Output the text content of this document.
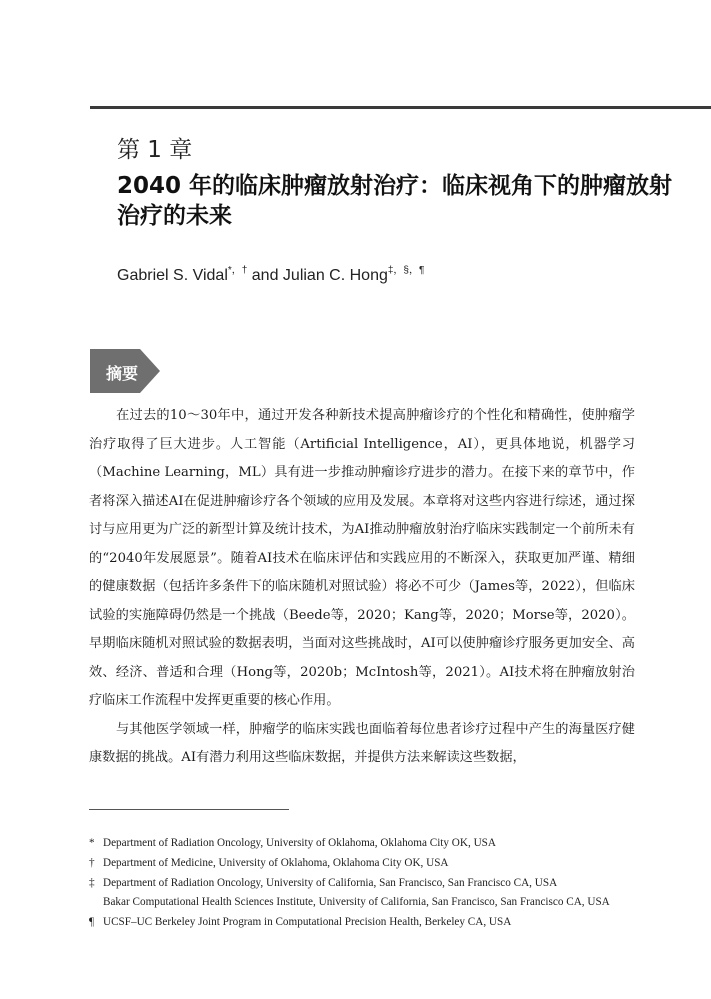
第 1 章
2040 年的临床肿瘤放射治疗：临床视角下的肿瘤放射治疗的未来
Gabriel S. Vidal*，† and Julian C. Hong‡，§，¶
摘要

在过去的10～30年中，通过开发各种新技术提高肿瘤诊疗的个性化和精确性，使肿瘤学治疗取得了巨大进步。人工智能（Artificial Intelligence，AI），更具体地说，机器学习（Machine Learning，ML）具有进一步推动肿瘤诊疗进步的潜力。在接下来的章节中，作者将深入描述AI在促进肿瘤诊疗各个领域的应用及发展。本章将对这些内容进行综述，通过探讨与应用更为广泛的新型计算及统计技术，为AI推动肿瘤放射治疗临床实践制定一个前所未有的“2040年发展愿景”。随着AI技术在临床评估和实践应用的不断深入，获取更加严谨、精细的健康数据（包括许多条件下的临床随机对照试验）将必不可少（James等，2022），但临床试验的实施障碍仍然是一个挑战（Beede等，2020；Kang等，2020；Morse等，2020）。早期临床随机对照试验的数据表明，当面对这些挑战时，AI可以使肿瘤诊疗服务更加安全、高效、经济、普适和合理（Hong等，2020b；McIntosh等，2021）。AI技术将在肿瘤放射治疗临床工作流程中发挥更重要的核心作用。

与其他医学领域一样，肿瘤学的临床实践也面临着每位患者诊疗过程中产生的海量医疗健康数据的挑战。AI有潜力利用这些临床数据，并提供方法来解读这些数据，

* Department of Radiation Oncology, University of Oklahoma, Oklahoma City OK, USA
† Department of Medicine, University of Oklahoma, Oklahoma City OK, USA
‡ Department of Radiation Oncology, University of California, San Francisco, San Francisco CA, USA
Bakar Computational Health Sciences Institute, University of California, San Francisco, San Francisco CA, USA
¶ UCSF–UC Berkeley Joint Program in Computational Precision Health, Berkeley CA, USA
